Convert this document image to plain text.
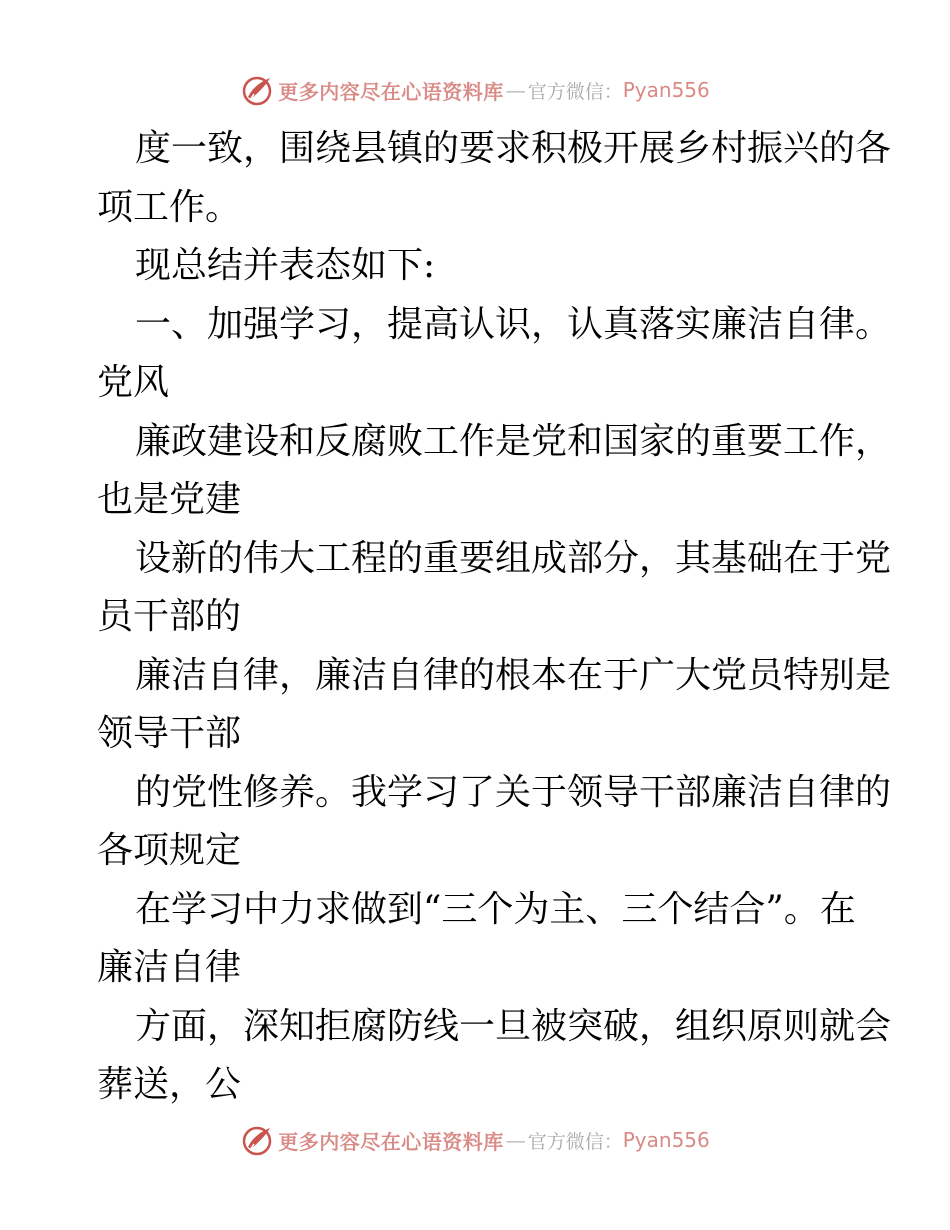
更多内容尽在心语资料库 — 官方微信： Pyan556
度一致，围绕县镇的要求积极开展乡村振兴的各
项工作。
现总结并表态如下:
一、加强学习，提高认识，认真落实廉洁自律。
党风
廉政建设和反腐败工作是党和国家的重要工作，
也是党建
设新的伟大工程的重要组成部分，其基础在于党
员干部的
廉洁自律，廉洁自律的根本在于广大党员特别是
领导干部
的党性修养。我学习了关于领导干部廉洁自律的
各项规定
在学习中力求做到“三个为主、三个结合”。在
廉洁自律
方面，深知拒腐防线一旦被突破，组织原则就会
葬送，公
更多内容尽在心语资料库 — 官方微信： Pyan556
